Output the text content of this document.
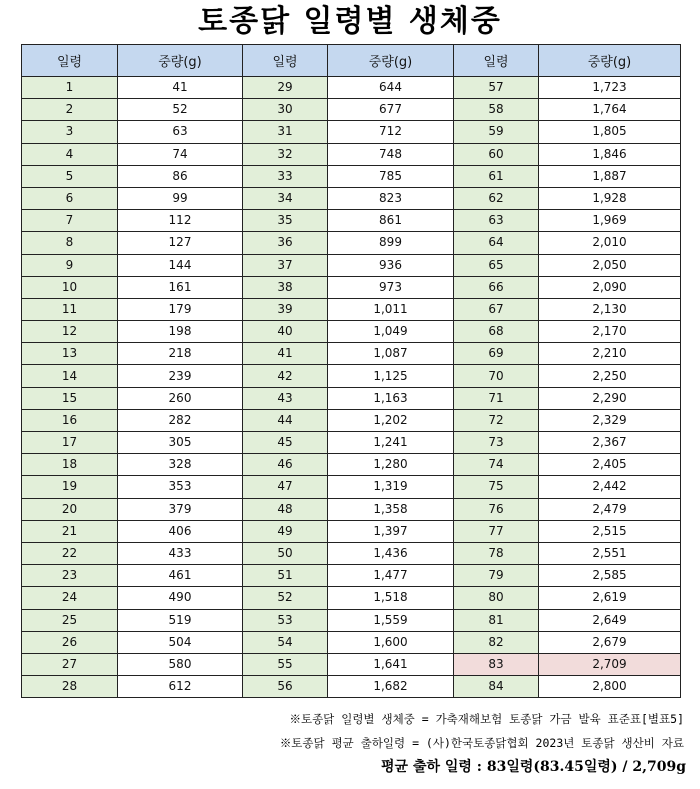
토종닭 일령별 생체중
일령	중량(g)	일령	중량(g)	일령	중량(g)
1	41	29	644	57	1,723
2	52	30	677	58	1,764
3	63	31	712	59	1,805
4	74	32	748	60	1,846
5	86	33	785	61	1,887
6	99	34	823	62	1,928
7	112	35	861	63	1,969
8	127	36	899	64	2,010
9	144	37	936	65	2,050
10	161	38	973	66	2,090
11	179	39	1,011	67	2,130
12	198	40	1,049	68	2,170
13	218	41	1,087	69	2,210
14	239	42	1,125	70	2,250
15	260	43	1,163	71	2,290
16	282	44	1,202	72	2,329
17	305	45	1,241	73	2,367
18	328	46	1,280	74	2,405
19	353	47	1,319	75	2,442
20	379	48	1,358	76	2,479
21	406	49	1,397	77	2,515
22	433	50	1,436	78	2,551
23	461	51	1,477	79	2,585
24	490	52	1,518	80	2,619
25	519	53	1,559	81	2,649
26	504	54	1,600	82	2,679
27	580	55	1,641	83	2,709
28	612	56	1,682	84	2,800
※토종닭 일령별 생체중 = 가축재해보험 토종닭 가금 발육 표준표[별표5]
※토종닭 평균 출하일령 = (사)한국토종닭협회 2023년 토종닭 생산비 자료
평균 출하 일령 : 83일령(83.45일령) / 2,709g
